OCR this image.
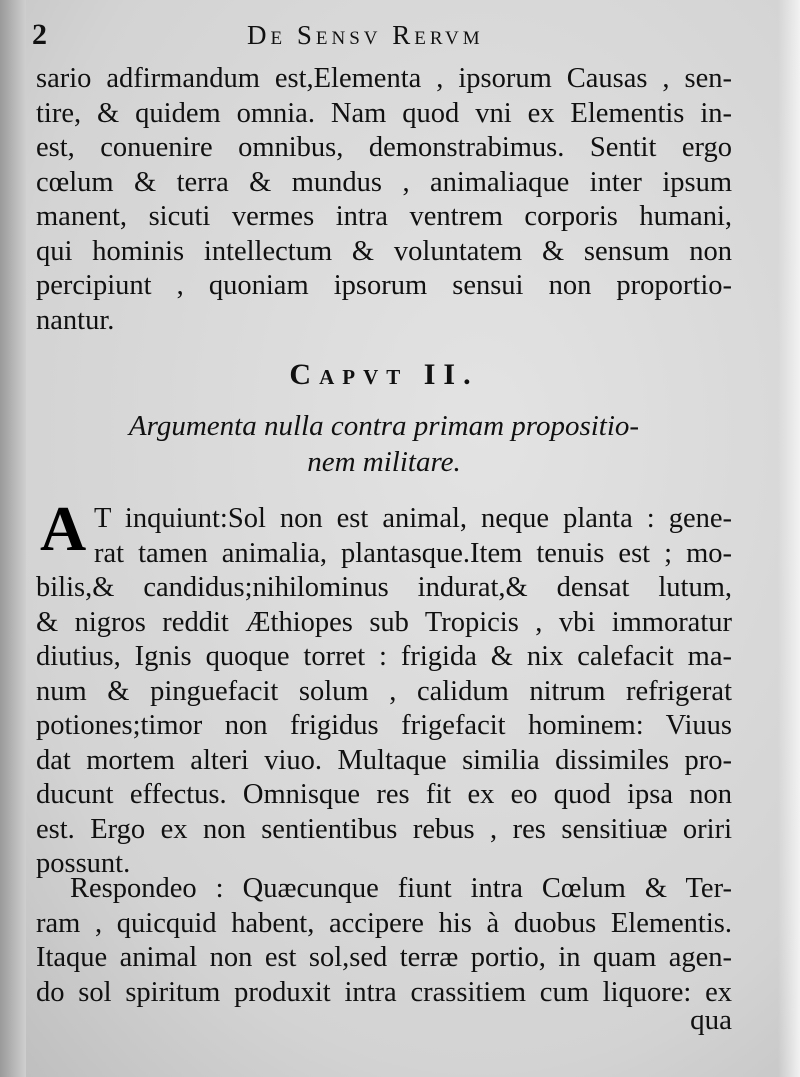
2	De Sensv Rervm
sario adfirmandum est,Elementa , ipsorum Causas , sen-
tire, & quidem omnia. Nam quod vni ex Elementis in-
est, conuenire omnibus, demonstrabimus. Sentit ergo
cœlum & terra & mundus , animaliaque inter ipsum
manent, sicuti vermes intra ventrem corporis humani,
qui hominis intellectum & voluntatem & sensum non
percipiunt , quoniam ipsorum sensui non proportio-
nantur.
Capvt II.
Argumenta nulla contra primam propositio-
nem militare.
A T inquiunt:Sol non est animal, neque planta : gene-
rat tamen animalia, plantasque.Item tenuis est ; mo-
bilis,& candidus;nihilominus indurat,& densat lutum,
& nigros reddit Æthiopes sub Tropicis , vbi immoratur
diutius, Ignis quoque torret : frigida & nix calefacit ma-
num & pinguefacit solum , calidum nitrum refrigerat
potiones;timor non frigidus frigefacit hominem: Viuus
dat mortem alteri viuo. Multaque similia dissimiles pro-
ducunt effectus. Omnisque res fit ex eo quod ipsa non
est. Ergo ex non sentientibus rebus , res sensitiuæ oriri
possunt.
Respondeo : Quæcunque fiunt intra Cœlum & Ter-
ram , quicquid habent, accipere his à duobus Elementis.
Itaque animal non est sol,sed terræ portio, in quam agen-
do sol spiritum produxit intra crassitiem cum liquore: ex
qua
